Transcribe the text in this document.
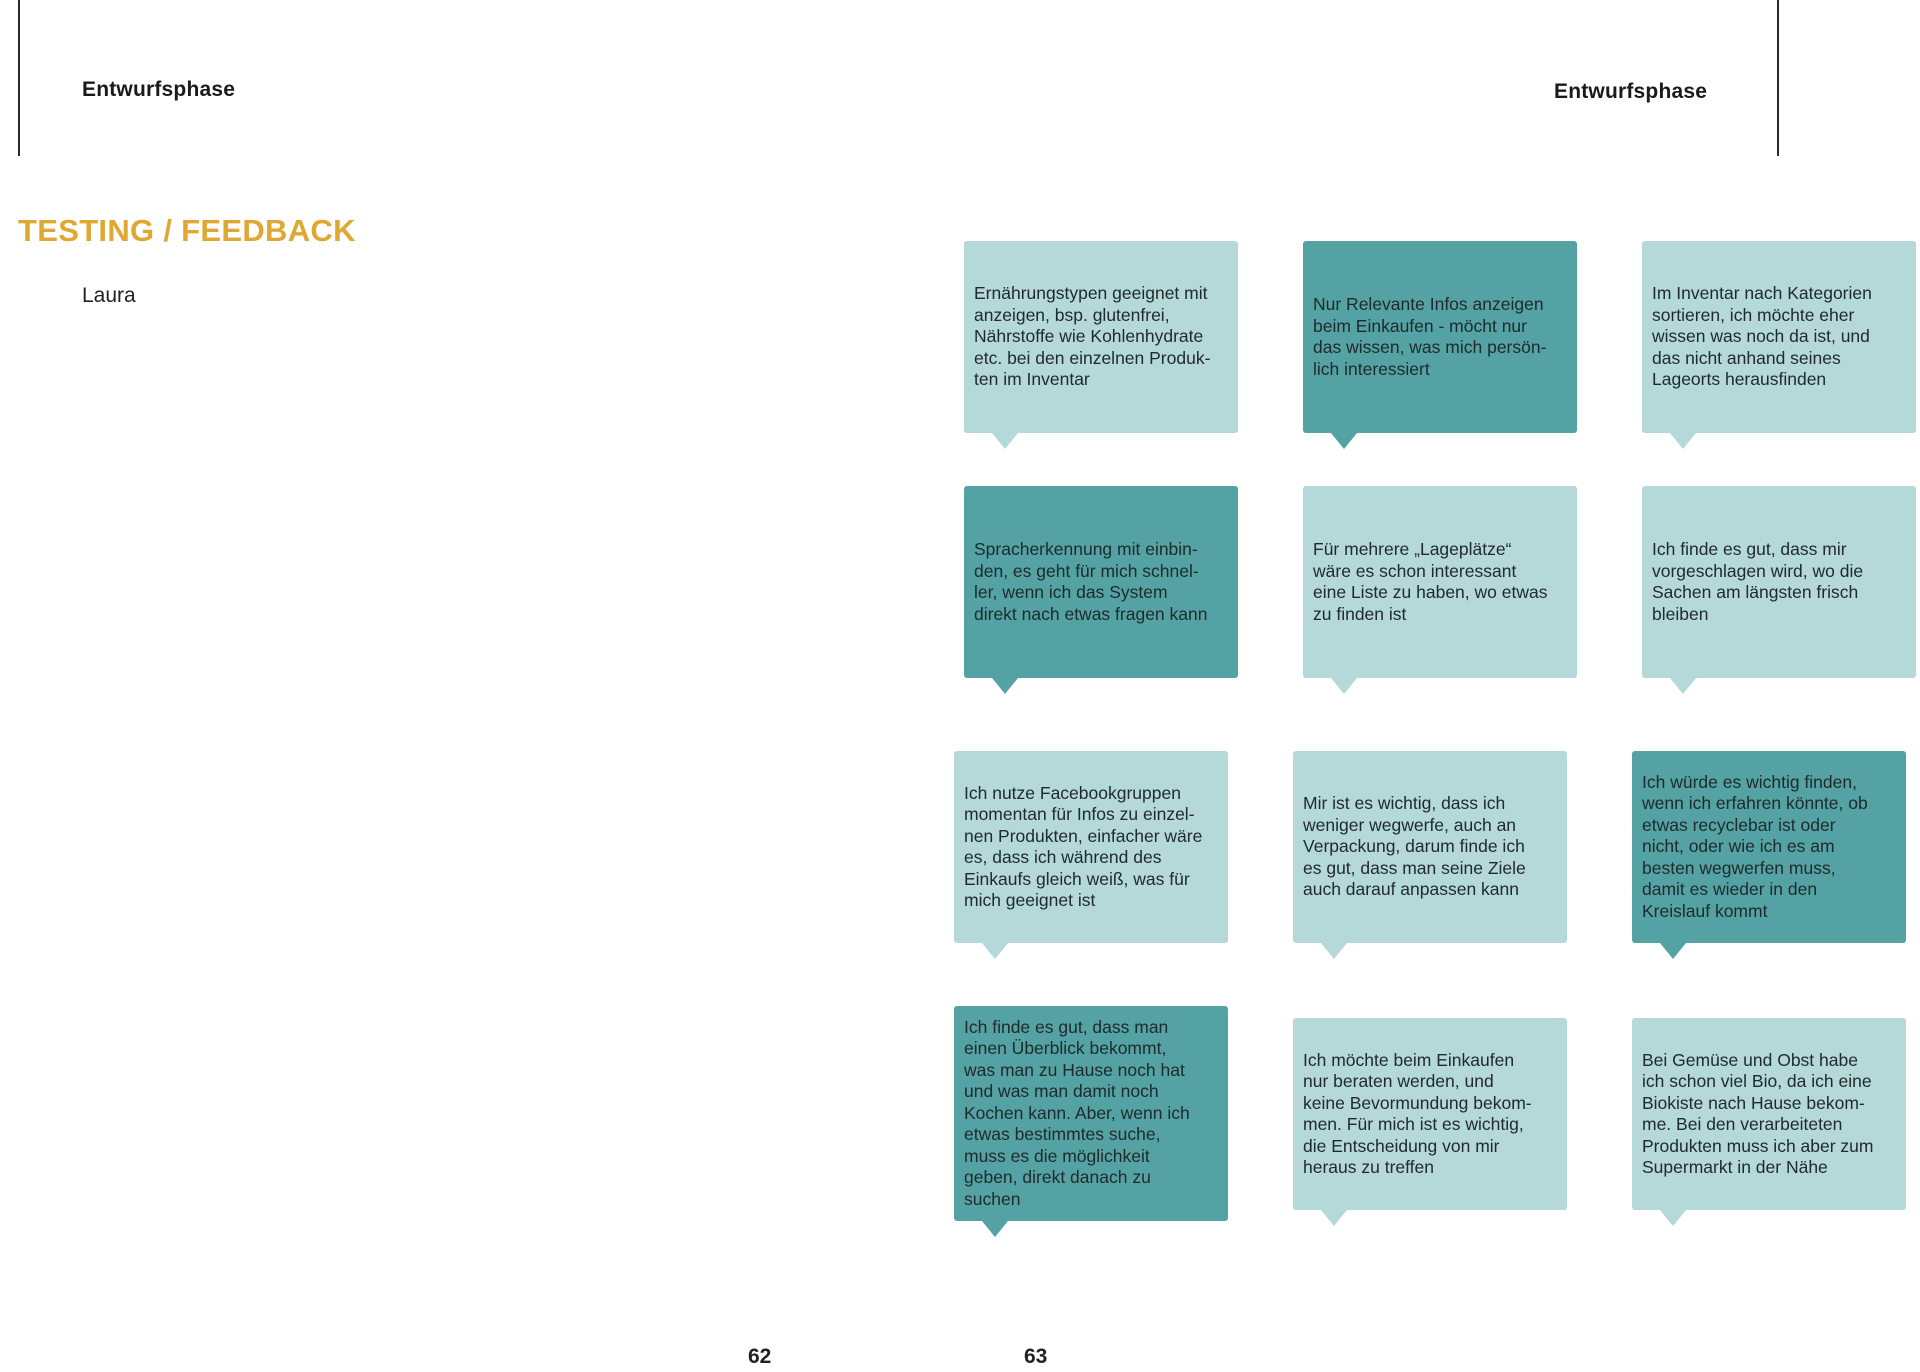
Entwurfsphase
TESTING / FEEDBACK
Laura
62
Entwurfsphase
63
Ernährungstypen geeignet mit
anzeigen, bsp. glutenfrei,
Nährstoffe wie Kohlenhydrate
etc. bei den einzelnen Produk-
ten im Inventar
Nur Relevante Infos anzeigen
beim Einkaufen - möcht nur
das wissen, was mich persön-
lich interessiert
Im Inventar nach Kategorien
sortieren, ich möchte eher
wissen was noch da ist, und
das nicht anhand seines
Lageorts herausfinden
Spracherkennung mit einbin-
den, es geht für mich schnel-
ler, wenn ich das System
direkt nach etwas fragen kann
Für mehrere „Lageplätze“
wäre es schon interessant
eine Liste zu haben, wo etwas
zu finden ist
Ich finde es gut, dass mir
vorgeschlagen wird, wo die
Sachen am längsten frisch
bleiben
Ich nutze Facebookgruppen
momentan für Infos zu einzel-
nen Produkten, einfacher wäre
es, dass ich während des
Einkaufs gleich weiß, was für
mich geeignet ist
Mir ist es wichtig, dass ich
weniger wegwerfe, auch an
Verpackung, darum finde ich
es gut, dass man seine Ziele
auch darauf anpassen kann
Ich würde es wichtig finden,
wenn ich erfahren könnte, ob
etwas recyclebar ist oder
nicht, oder wie ich es am
besten wegwerfen muss,
damit es wieder in den
Kreislauf kommt
Ich finde es gut, dass man
einen Überblick bekommt,
was man zu Hause noch hat
und was man damit noch
Kochen kann. Aber, wenn ich
etwas bestimmtes suche,
muss es die möglichkeit
geben, direkt danach zu
suchen
Ich möchte beim Einkaufen
nur beraten werden, und
keine Bevormundung bekom-
men. Für mich ist es wichtig,
die Entscheidung von mir
heraus zu treffen
Bei Gemüse und Obst habe
ich schon viel Bio, da ich eine
Biokiste nach Hause bekom-
me. Bei den verarbeiteten
Produkten muss ich aber zum
Supermarkt in der Nähe
